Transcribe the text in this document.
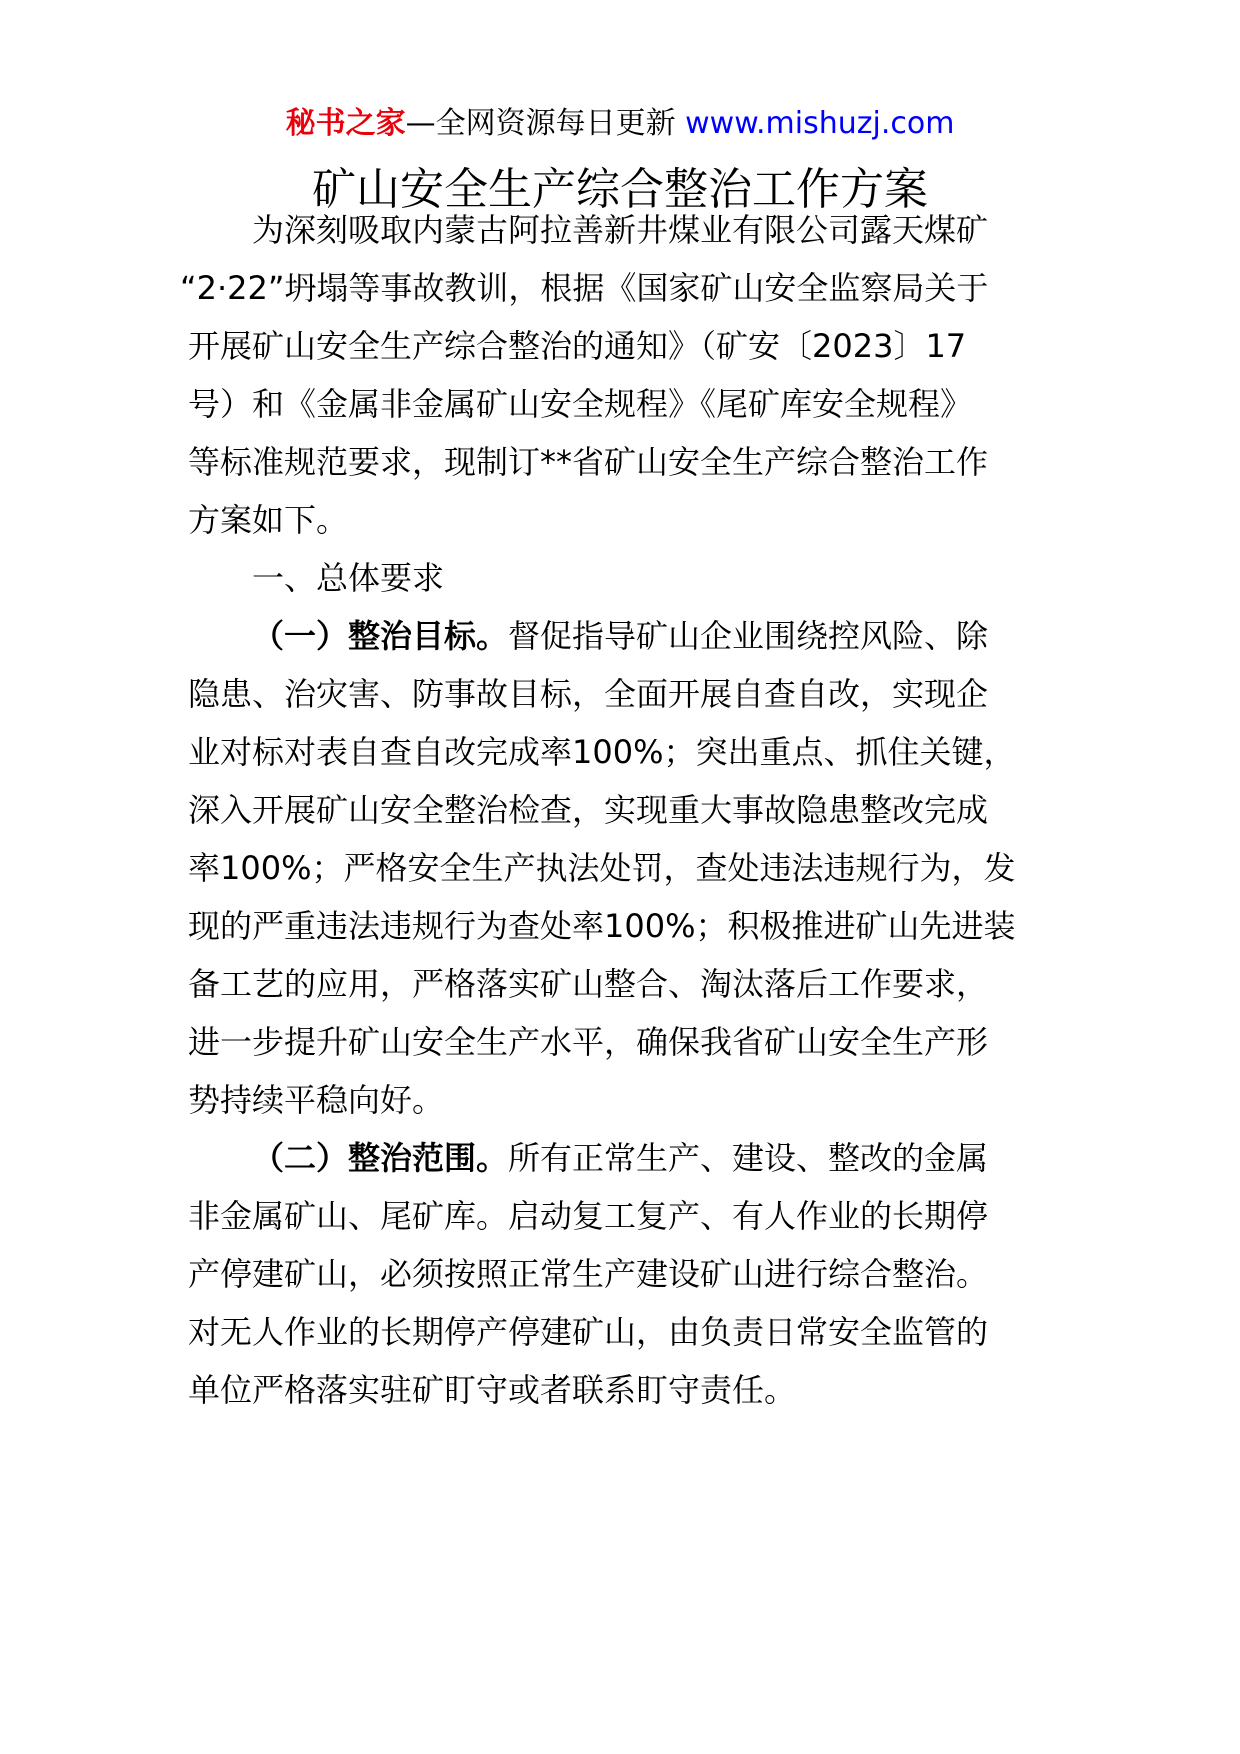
秘书之家—全网资源每日更新 www.mishuzj.com
矿山安全生产综合整治工作方案
为深刻吸取内蒙古阿拉善新井煤业有限公司露天煤矿
“2·22”坍塌等事故教训，根据《国家矿山安全监察局关于
开展矿山安全生产综合整治的通知》（矿安〔2023〕17
号）和《金属非金属矿山安全规程》《尾矿库安全规程》
等标准规范要求，现制订**省矿山安全生产综合整治工作
方案如下。
一、总体要求
（一）整治目标。督促指导矿山企业围绕控风险、除
隐患、治灾害、防事故目标，全面开展自查自改，实现企
业对标对表自查自改完成率100%；突出重点、抓住关键，
深入开展矿山安全整治检查，实现重大事故隐患整改完成
率100%；严格安全生产执法处罚，查处违法违规行为，发
现的严重违法违规行为查处率100%；积极推进矿山先进装
备工艺的应用，严格落实矿山整合、淘汰落后工作要求，
进一步提升矿山安全生产水平，确保我省矿山安全生产形
势持续平稳向好。
（二）整治范围。所有正常生产、建设、整改的金属
非金属矿山、尾矿库。启动复工复产、有人作业的长期停
产停建矿山，必须按照正常生产建设矿山进行综合整治。
对无人作业的长期停产停建矿山，由负责日常安全监管的
单位严格落实驻矿盯守或者联系盯守责任。
